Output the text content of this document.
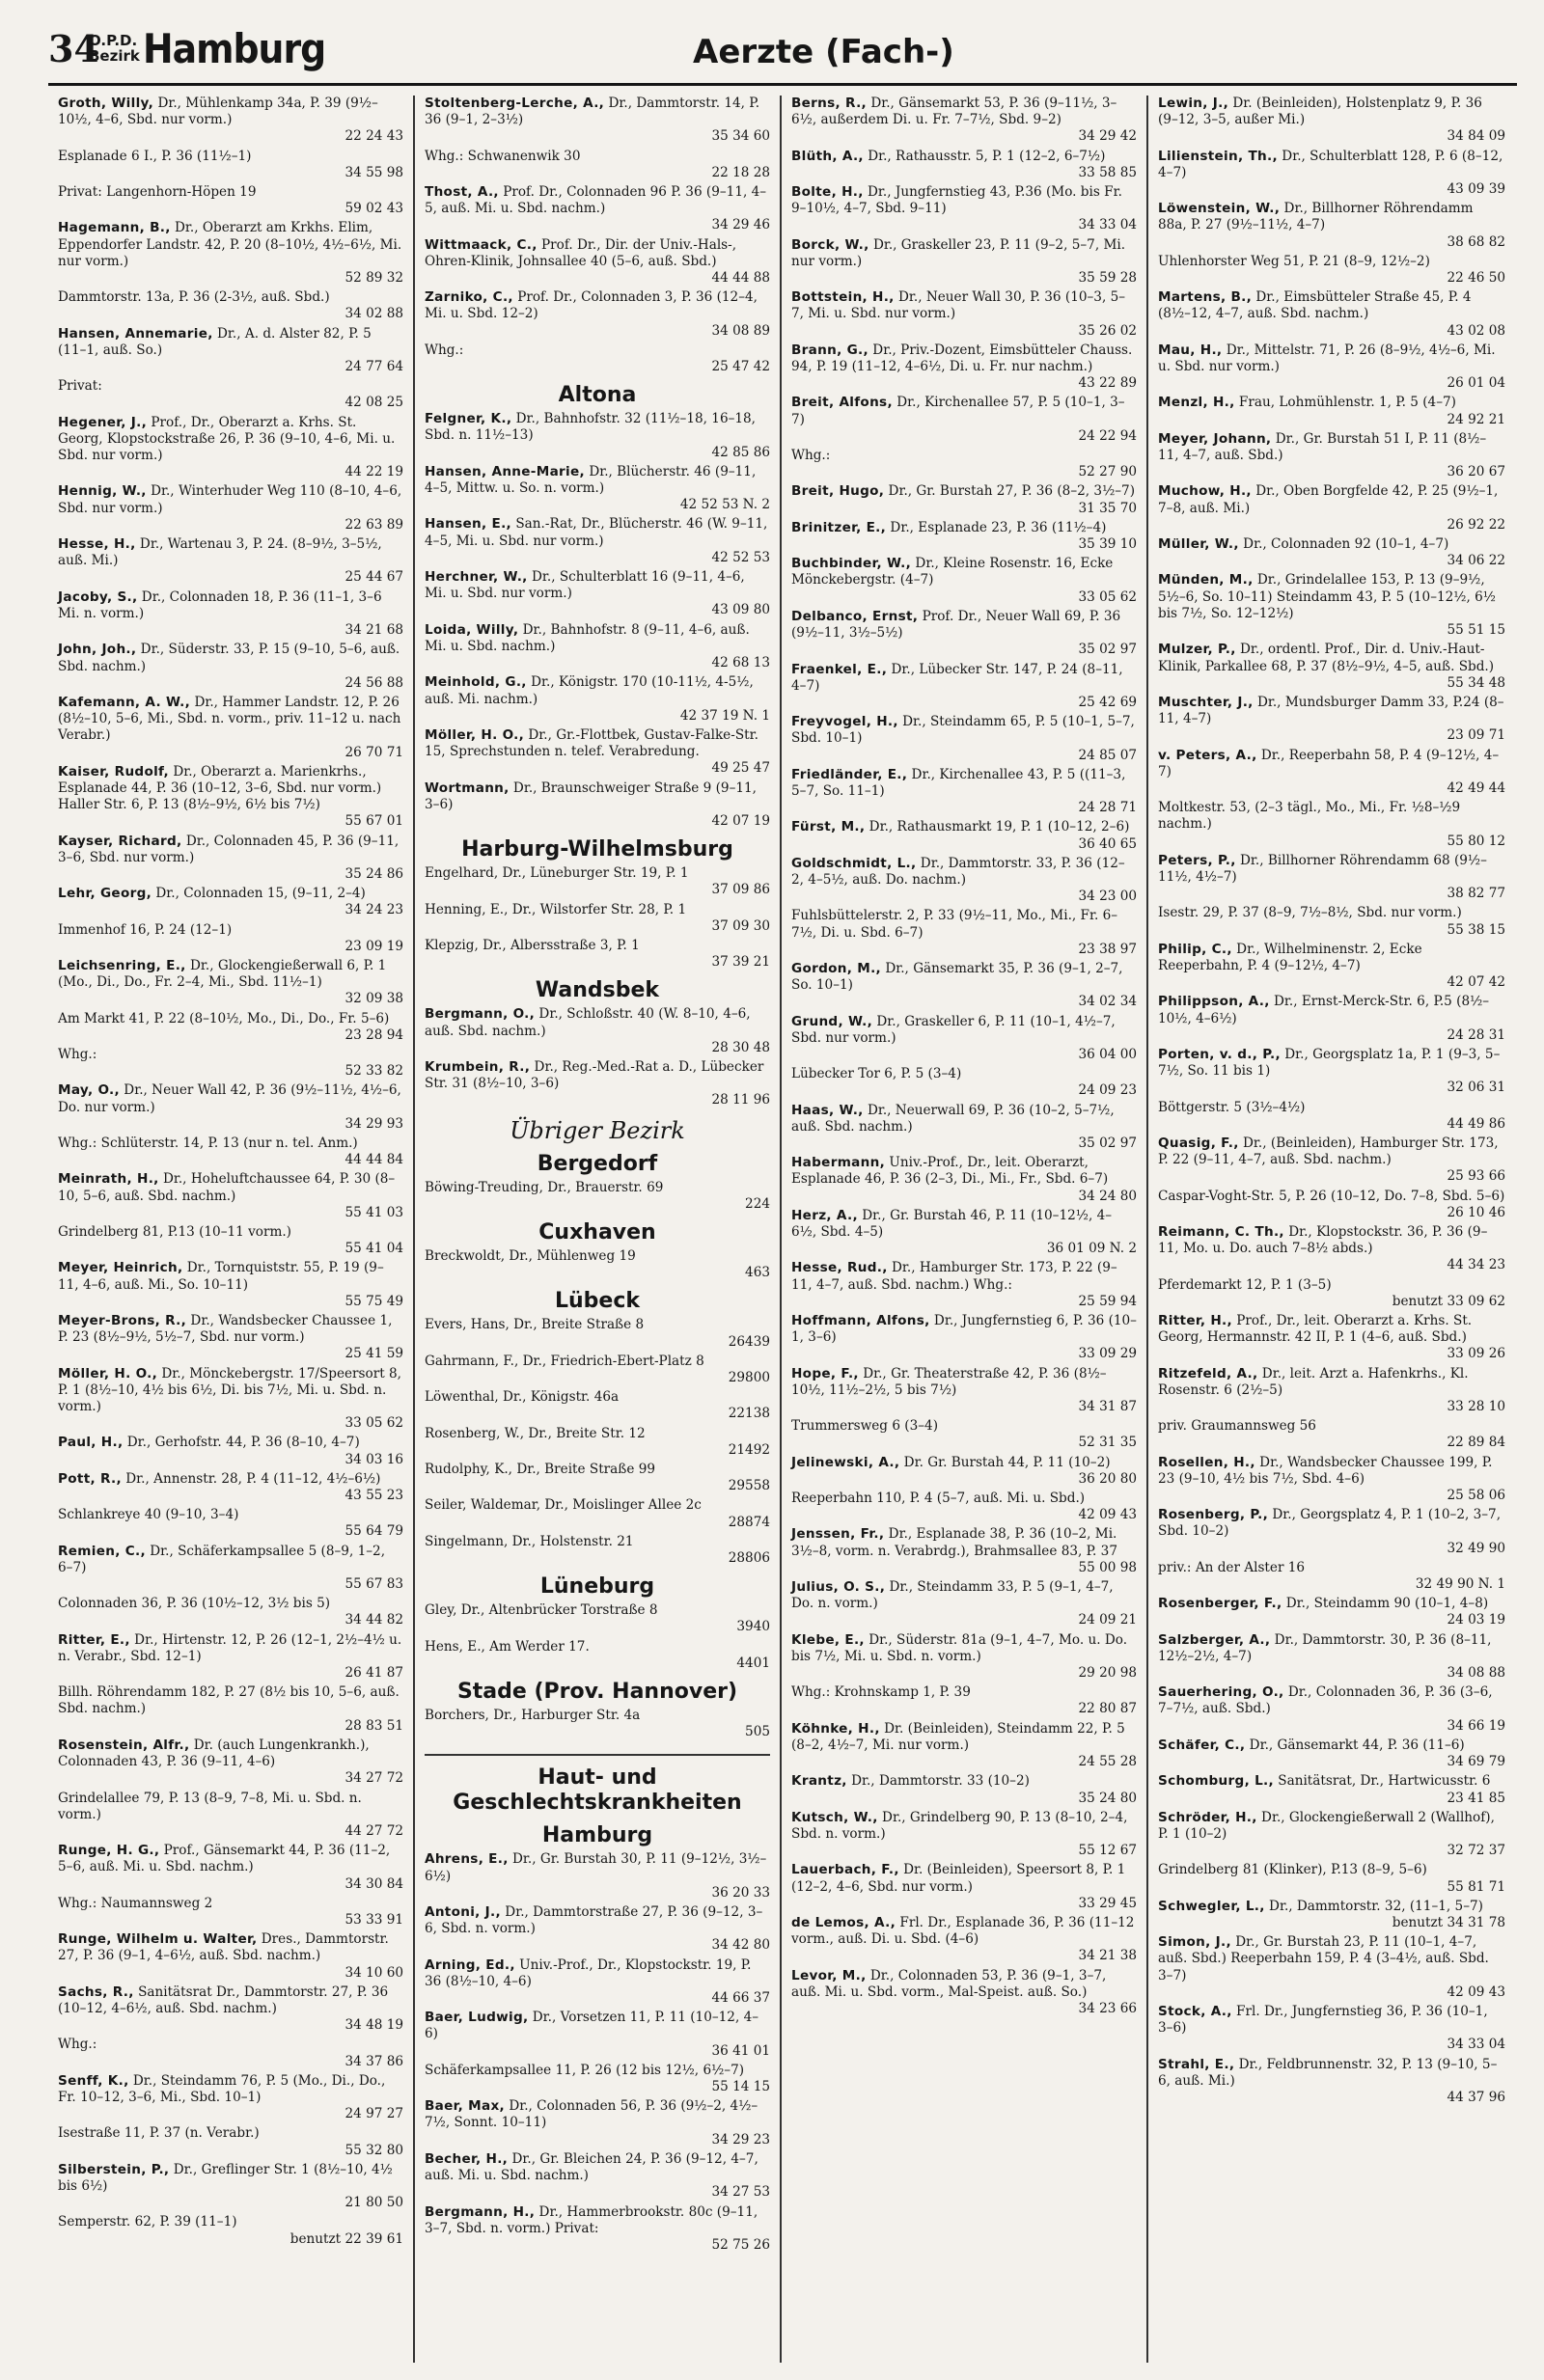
34
O.P.D.
Bezirk Hamburg	Aerzte (Fach-)
Groth, Willy, Dr., Mühlenkamp 34a, P. 39 (9½–10½, 4–6, Sbd. nur vorm.)
22 24 43
Esplanade 6 I., P. 36 (11½–1)
34 55 98
Privat: Langenhorn-Höpen 19
59 02 43
Hagemann, B., Dr., Oberarzt am Krkhs. Elim, Eppendorfer Landstr. 42, P. 20 (8–10½, 4½–6½, Mi. nur vorm.)
52 89 32
Dammtorstr. 13a, P. 36 (2-3½, auß. Sbd.)
34 02 88
Hansen, Annemarie, Dr., A. d. Alster 82, P. 5 (11–1, auß. So.)
24 77 64
Privat:
42 08 25
Hegener, J., Prof., Dr., Oberarzt a. Krhs. St. Georg, Klopstockstraße 26, P. 36 (9–10, 4–6, Mi. u. Sbd. nur vorm.)
44 22 19
Hennig, W., Dr., Winterhuder Weg 110 (8–10, 4–6, Sbd. nur vorm.)
22 63 89
Hesse, H., Dr., Wartenau 3, P. 24. (8–9½, 3–5½, auß. Mi.)
25 44 67
Jacoby, S., Dr., Colonnaden 18, P. 36 (11–1, 3–6 Mi. n. vorm.)
34 21 68
John, Joh., Dr., Süderstr. 33, P. 15 (9–10, 5–6, auß. Sbd. nachm.)
24 56 88
Kafemann, A. W., Dr., Hammer Landstr. 12, P. 26 (8½–10, 5–6, Mi., Sbd. n. vorm., priv. 11–12 u. nach Verabr.)
26 70 71
Kaiser, Rudolf, Dr., Oberarzt a. Marienkrhs., Esplanade 44, P. 36 (10–12, 3–6, Sbd. nur vorm.) Haller Str. 6, P. 13 (8½–9½, 6½ bis 7½)
55 67 01
Kayser, Richard, Dr., Colonnaden 45, P. 36 (9–11, 3–6, Sbd. nur vorm.)
35 24 86
Lehr, Georg, Dr., Colonnaden 15, (9–11, 2–4)
34 24 23
Immenhof 16, P. 24 (12–1)
23 09 19
Leichsenring, E., Dr., Glockengießerwall 6, P. 1 (Mo., Di., Do., Fr. 2–4, Mi., Sbd. 11½–1)
32 09 38
Am Markt 41, P. 22 (8–10½, Mo., Di., Do., Fr. 5–6)
23 28 94
Whg.:
52 33 82
May, O., Dr., Neuer Wall 42, P. 36 (9½–11½, 4½–6, Do. nur vorm.)
34 29 93
Whg.: Schlüterstr. 14, P. 13 (nur n. tel. Anm.)
44 44 84
Meinrath, H., Dr., Hoheluftchaussee 64, P. 30 (8–10, 5–6, auß. Sbd. nachm.)
55 41 03
Grindelberg 81, P.13 (10–11 vorm.)
55 41 04
Meyer, Heinrich, Dr., Tornquiststr. 55, P. 19 (9–11, 4–6, auß. Mi., So. 10–11)
55 75 49
Meyer-Brons, R., Dr., Wandsbecker Chaussee 1, P. 23 (8½–9½, 5½–7, Sbd. nur vorm.)
25 41 59
Möller, H. O., Dr., Mönckebergstr. 17/Speersort 8, P. 1 (8½–10, 4½ bis 6½, Di. bis 7½, Mi. u. Sbd. n. vorm.)
33 05 62
Paul, H., Dr., Gerhofstr. 44, P. 36 (8–10, 4–7)
34 03 16
Pott, R., Dr., Annenstr. 28, P. 4 (11–12, 4½–6½)
43 55 23
Schlankreye 40 (9–10, 3–4)
55 64 79
Remien, C., Dr., Schäferkampsallee 5 (8–9, 1–2, 6–7)
55 67 83
Colonnaden 36, P. 36 (10½–12, 3½ bis 5)
34 44 82
Ritter, E., Dr., Hirtenstr. 12, P. 26 (12–1, 2½–4½ u. n. Verabr., Sbd. 12–1)
26 41 87
Billh. Röhrendamm 182, P. 27 (8½ bis 10, 5–6, auß. Sbd. nachm.)
28 83 51
Rosenstein, Alfr., Dr. (auch Lungenkrankh.), Colonnaden 43, P. 36 (9–11, 4–6)
34 27 72
Grindelallee 79, P. 13 (8–9, 7–8, Mi. u. Sbd. n. vorm.)
44 27 72
Runge, H. G., Prof., Gänsemarkt 44, P. 36 (11–2, 5–6, auß. Mi. u. Sbd. nachm.)
34 30 84
Whg.: Naumannsweg 2
53 33 91
Runge, Wilhelm u. Walter, Dres., Dammtorstr. 27, P. 36 (9–1, 4–6½, auß. Sbd. nachm.)
34 10 60
Sachs, R., Sanitätsrat Dr., Dammtorstr. 27, P. 36 (10–12, 4–6½, auß. Sbd. nachm.)
34 48 19
Whg.:
34 37 86
Senff, K., Dr., Steindamm 76, P. 5 (Mo., Di., Do., Fr. 10–12, 3–6, Mi., Sbd. 10–1)
24 97 27
Isestraße 11, P. 37 (n. Verabr.)
55 32 80
Silberstein, P., Dr., Greflinger Str. 1 (8½–10, 4½ bis 6½)
21 80 50
Semperstr. 62, P. 39 (11–1)
benutzt 22 39 61
Stoltenberg-Lerche, A., Dr., Dammtorstr. 14, P. 36 (9–1, 2–3½)
35 34 60
Whg.: Schwanenwik 30
22 18 28
Thost, A., Prof. Dr., Colonnaden 96 P. 36 (9–11, 4–5, auß. Mi. u. Sbd. nachm.)
34 29 46
Wittmaack, C., Prof. Dr., Dir. der Univ.-Hals-, Ohren-Klinik, Johnsallee 40 (5–6, auß. Sbd.)
44 44 88
Zarniko, C., Prof. Dr., Colonnaden 3, P. 36 (12–4, Mi. u. Sbd. 12–2)
34 08 89
Whg.:
25 47 42
Altona
Felgner, K., Dr., Bahnhofstr. 32 (11½–18, 16–18, Sbd. n. 11½–13)
42 85 86
Hansen, Anne-Marie, Dr., Blücherstr. 46 (9–11, 4–5, Mittw. u. So. n. vorm.)
42 52 53 N. 2
Hansen, E., San.-Rat, Dr., Blücherstr. 46 (W. 9–11, 4–5, Mi. u. Sbd. nur vorm.)
42 52 53
Herchner, W., Dr., Schulterblatt 16 (9–11, 4–6, Mi. u. Sbd. nur vorm.)
43 09 80
Loida, Willy, Dr., Bahnhofstr. 8 (9–11, 4–6, auß. Mi. u. Sbd. nachm.)
42 68 13
Meinhold, G., Dr., Königstr. 170 (10-11½, 4-5½, auß. Mi. nachm.)
42 37 19 N. 1
Möller, H. O., Dr., Gr.-Flottbek, Gustav-Falke-Str. 15, Sprechstunden n. telef. Verabredung.
49 25 47
Wortmann, Dr., Braunschweiger Straße 9 (9–11, 3–6)
42 07 19
Harburg-Wilhelmsburg
Engelhard, Dr., Lüneburger Str. 19, P. 1
37 09 86
Henning, E., Dr., Wilstorfer Str. 28, P. 1
37 09 30
Klepzig, Dr., Albersstraße 3, P. 1
37 39 21
Wandsbek
Bergmann, O., Dr., Schloßstr. 40 (W. 8–10, 4–6, auß. Sbd. nachm.)
28 30 48
Krumbein, R., Dr., Reg.-Med.-Rat a. D., Lübecker Str. 31 (8½–10, 3–6)
28 11 96
Übriger Bezirk
Bergedorf
Böwing-Treuding, Dr., Brauerstr. 69
224
Cuxhaven
Breckwoldt, Dr., Mühlenweg 19
463
Lübeck
Evers, Hans, Dr., Breite Straße 8
26439
Gahrmann, F., Dr., Friedrich-Ebert-Platz 8
29800
Löwenthal, Dr., Königstr. 46a
22138
Rosenberg, W., Dr., Breite Str. 12
21492
Rudolphy, K., Dr., Breite Straße 99
29558
Seiler, Waldemar, Dr., Moislinger Allee 2c
28874
Singelmann, Dr., Holstenstr. 21
28806
Lüneburg
Gley, Dr., Altenbrücker Torstraße 8
3940
Hens, E., Am Werder 17.
4401
Stade (Prov. Hannover)
Borchers, Dr., Harburger Str. 4a
505
Haut- und Geschlechtskrankheiten
Hamburg
Ahrens, E., Dr., Gr. Burstah 30, P. 11 (9–12½, 3½–6½)
36 20 33
Antoni, J., Dr., Dammtorstraße 27, P. 36 (9–12, 3–6, Sbd. n. vorm.)
34 42 80
Arning, Ed., Univ.-Prof., Dr., Klopstockstr. 19, P. 36 (8½–10, 4–6)
44 66 37
Baer, Ludwig, Dr., Vorsetzen 11, P. 11 (10–12, 4–6)
36 41 01
Schäferkampsallee 11, P. 26 (12 bis 12½, 6½–7)
55 14 15
Baer, Max, Dr., Colonnaden 56, P. 36 (9½–2, 4½–7½, Sonnt. 10–11)
34 29 23
Becher, H., Dr., Gr. Bleichen 24, P. 36 (9–12, 4–7, auß. Mi. u. Sbd. nachm.)
34 27 53
Bergmann, H., Dr., Hammerbrookstr. 80c (9–11, 3–7, Sbd. n. vorm.) Privat:
52 75 26
Berns, R., Dr., Gänsemarkt 53, P. 36 (9–11½, 3–6½, außerdem Di. u. Fr. 7–7½, Sbd. 9–2)
34 29 42
Blüth, A., Dr., Rathausstr. 5, P. 1 (12–2, 6–7½)
33 58 85
Bolte, H., Dr., Jungfernstieg 43, P.36 (Mo. bis Fr. 9–10½, 4–7, Sbd. 9–11)
34 33 04
Borck, W., Dr., Graskeller 23, P. 11 (9–2, 5–7, Mi. nur vorm.)
35 59 28
Bottstein, H., Dr., Neuer Wall 30, P. 36 (10–3, 5–7, Mi. u. Sbd. nur vorm.)
35 26 02
Brann, G., Dr., Priv.-Dozent, Eimsbütteler Chauss. 94, P. 19 (11–12, 4–6½, Di. u. Fr. nur nachm.)
43 22 89
Breit, Alfons, Dr., Kirchenallee 57, P. 5 (10–1, 3–7)
24 22 94
Whg.:
52 27 90
Breit, Hugo, Dr., Gr. Burstah 27, P. 36 (8–2, 3½–7)
31 35 70
Brinitzer, E., Dr., Esplanade 23, P. 36 (11½–4)
35 39 10
Buchbinder, W., Dr., Kleine Rosenstr. 16, Ecke Mönckebergstr. (4–7)
33 05 62
Delbanco, Ernst, Prof. Dr., Neuer Wall 69, P. 36 (9½–11, 3½–5½)
35 02 97
Fraenkel, E., Dr., Lübecker Str. 147, P. 24 (8–11, 4–7)
25 42 69
Freyvogel, H., Dr., Steindamm 65, P. 5 (10–1, 5–7, Sbd. 10–1)
24 85 07
Friedländer, E., Dr., Kirchenallee 43, P. 5 ((11–3, 5–7, So. 11–1)
24 28 71
Fürst, M., Dr., Rathausmarkt 19, P. 1 (10–12, 2–6)
36 40 65
Goldschmidt, L., Dr., Dammtorstr. 33, P. 36 (12–2, 4–5½, auß. Do. nachm.)
34 23 00
Fuhlsbüttelerstr. 2, P. 33 (9½–11, Mo., Mi., Fr. 6–7½, Di. u. Sbd. 6–7)
23 38 97
Gordon, M., Dr., Gänsemarkt 35, P. 36 (9–1, 2–7, So. 10–1)
34 02 34
Grund, W., Dr., Graskeller 6, P. 11 (10–1, 4½–7, Sbd. nur vorm.)
36 04 00
Lübecker Tor 6, P. 5 (3–4)
24 09 23
Haas, W., Dr., Neuerwall 69, P. 36 (10–2, 5–7½, auß. Sbd. nachm.)
35 02 97
Habermann, Univ.-Prof., Dr., leit. Oberarzt, Esplanade 46, P. 36 (2–3, Di., Mi., Fr., Sbd. 6–7)
34 24 80
Herz, A., Dr., Gr. Burstah 46, P. 11 (10–12½, 4–6½, Sbd. 4–5)
36 01 09 N. 2
Hesse, Rud., Dr., Hamburger Str. 173, P. 22 (9–11, 4–7, auß. Sbd. nachm.) Whg.:
25 59 94
Hoffmann, Alfons, Dr., Jungfernstieg 6, P. 36 (10–1, 3–6)
33 09 29
Hope, F., Dr., Gr. Theaterstraße 42, P. 36 (8½–10½, 11½–2½, 5 bis 7½)
34 31 87
Trummersweg 6 (3–4)
52 31 35
Jelinewski, A., Dr. Gr. Burstah 44, P. 11 (10–2)
36 20 80
Reeperbahn 110, P. 4 (5–7, auß. Mi. u. Sbd.)
42 09 43
Jenssen, Fr., Dr., Esplanade 38, P. 36 (10–2, Mi. 3½–8, vorm. n. Verabrdg.), Brahmsallee 83, P. 37
55 00 98
Julius, O. S., Dr., Steindamm 33, P. 5 (9–1, 4–7, Do. n. vorm.)
24 09 21
Klebe, E., Dr., Süderstr. 81a (9–1, 4–7, Mo. u. Do. bis 7½, Mi. u. Sbd. n. vorm.)
29 20 98
Whg.: Krohnskamp 1, P. 39
22 80 87
Köhnke, H., Dr. (Beinleiden), Steindamm 22, P. 5 (8–2, 4½–7, Mi. nur vorm.)
24 55 28
Krantz, Dr., Dammtorstr. 33 (10–2)
35 24 80
Kutsch, W., Dr., Grindelberg 90, P. 13 (8–10, 2–4, Sbd. n. vorm.)
55 12 67
Lauerbach, F., Dr. (Beinleiden), Speersort 8, P. 1 (12–2, 4–6, Sbd. nur vorm.)
33 29 45
de Lemos, A., Frl. Dr., Esplanade 36, P. 36 (11–12 vorm., auß. Di. u. Sbd. (4–6)
34 21 38
Levor, M., Dr., Colonnaden 53, P. 36 (9–1, 3–7, auß. Mi. u. Sbd. vorm., Mal-Speist. auß. So.)
34 23 66
Lewin, J., Dr. (Beinleiden), Holstenplatz 9, P. 36 (9–12, 3–5, außer Mi.)
34 84 09
Lilienstein, Th., Dr., Schulterblatt 128, P. 6 (8–12, 4–7)
43 09 39
Löwenstein, W., Dr., Billhorner Röhrendamm 88a, P. 27 (9½–11½, 4–7)
38 68 82
Uhlenhorster Weg 51, P. 21 (8–9, 12½–2)
22 46 50
Martens, B., Dr., Eimsbütteler Straße 45, P. 4 (8½–12, 4–7, auß. Sbd. nachm.)
43 02 08
Mau, H., Dr., Mittelstr. 71, P. 26 (8–9½, 4½–6, Mi. u. Sbd. nur vorm.)
26 01 04
Menzl, H., Frau, Lohmühlenstr. 1, P. 5 (4–7)
24 92 21
Meyer, Johann, Dr., Gr. Burstah 51 I, P. 11 (8½–11, 4–7, auß. Sbd.)
36 20 67
Muchow, H., Dr., Oben Borgfelde 42, P. 25 (9½–1, 7–8, auß. Mi.)
26 92 22
Müller, W., Dr., Colonnaden 92 (10–1, 4–7)
34 06 22
Münden, M., Dr., Grindelallee 153, P. 13 (9–9½, 5½–6, So. 10–11) Steindamm 43, P. 5 (10–12½, 6½ bis 7½, So. 12–12½)
55 51 15
Mulzer, P., Dr., ordentl. Prof., Dir. d. Univ.-Haut-Klinik, Parkallee 68, P. 37 (8½–9½, 4–5, auß. Sbd.)
55 34 48
Muschter, J., Dr., Mundsburger Damm 33, P.24 (8–11, 4–7)
23 09 71
v. Peters, A., Dr., Reeperbahn 58, P. 4 (9–12½, 4–7)
42 49 44
Moltkestr. 53, (2–3 tägl., Mo., Mi., Fr. ½8–½9 nachm.)
55 80 12
Peters, P., Dr., Billhorner Röhrendamm 68 (9½–11½, 4½–7)
38 82 77
Isestr. 29, P. 37 (8–9, 7½–8½, Sbd. nur vorm.)
55 38 15
Philip, C., Dr., Wilhelminenstr. 2, Ecke Reeperbahn, P. 4 (9–12½, 4–7)
42 07 42
Philippson, A., Dr., Ernst-Merck-Str. 6, P.5 (8½–10½, 4–6½)
24 28 31
Porten, v. d., P., Dr., Georgsplatz 1a, P. 1 (9–3, 5–7½, So. 11 bis 1)
32 06 31
Böttgerstr. 5 (3½–4½)
44 49 86
Quasig, F., Dr., (Beinleiden), Hamburger Str. 173, P. 22 (9–11, 4–7, auß. Sbd. nachm.)
25 93 66
Caspar-Voght-Str. 5, P. 26 (10–12, Do. 7–8, Sbd. 5–6)
26 10 46
Reimann, C. Th., Dr., Klopstockstr. 36, P. 36 (9–11, Mo. u. Do. auch 7–8½ abds.)
44 34 23
Pferdemarkt 12, P. 1 (3–5)
benutzt 33 09 62
Ritter, H., Prof., Dr., leit. Oberarzt a. Krhs. St. Georg, Hermannstr. 42 II, P. 1 (4–6, auß. Sbd.)
33 09 26
Ritzefeld, A., Dr., leit. Arzt a. Hafenkrhs., Kl. Rosenstr. 6 (2½–5)
33 28 10
priv. Graumannsweg 56
22 89 84
Rosellen, H., Dr., Wandsbecker Chaussee 199, P. 23 (9–10, 4½ bis 7½, Sbd. 4–6)
25 58 06
Rosenberg, P., Dr., Georgsplatz 4, P. 1 (10–2, 3–7, Sbd. 10–2)
32 49 90
priv.: An der Alster 16
32 49 90 N. 1
Rosenberger, F., Dr., Steindamm 90 (10–1, 4–8)
24 03 19
Salzberger, A., Dr., Dammtorstr. 30, P. 36 (8–11, 12½–2½, 4–7)
34 08 88
Sauerhering, O., Dr., Colonnaden 36, P. 36 (3–6, 7–7½, auß. Sbd.)
34 66 19
Schäfer, C., Dr., Gänsemarkt 44, P. 36 (11–6)
34 69 79
Schomburg, L., Sanitätsrat, Dr., Hartwicusstr. 6
23 41 85
Schröder, H., Dr., Glockengießerwall 2 (Wallhof), P. 1 (10–2)
32 72 37
Grindelberg 81 (Klinker), P.13 (8–9, 5–6)
55 81 71
Schwegler, L., Dr., Dammtorstr. 32, (11–1, 5–7)
benutzt 34 31 78
Simon, J., Dr., Gr. Burstah 23, P. 11 (10–1, 4–7, auß. Sbd.) Reeperbahn 159, P. 4 (3–4½, auß. Sbd. 3–7)
42 09 43
Stock, A., Frl. Dr., Jungfernstieg 36, P. 36 (10–1, 3–6)
34 33 04
Strahl, E., Dr., Feldbrunnenstr. 32, P. 13 (9–10, 5–6, auß. Mi.)
44 37 96
